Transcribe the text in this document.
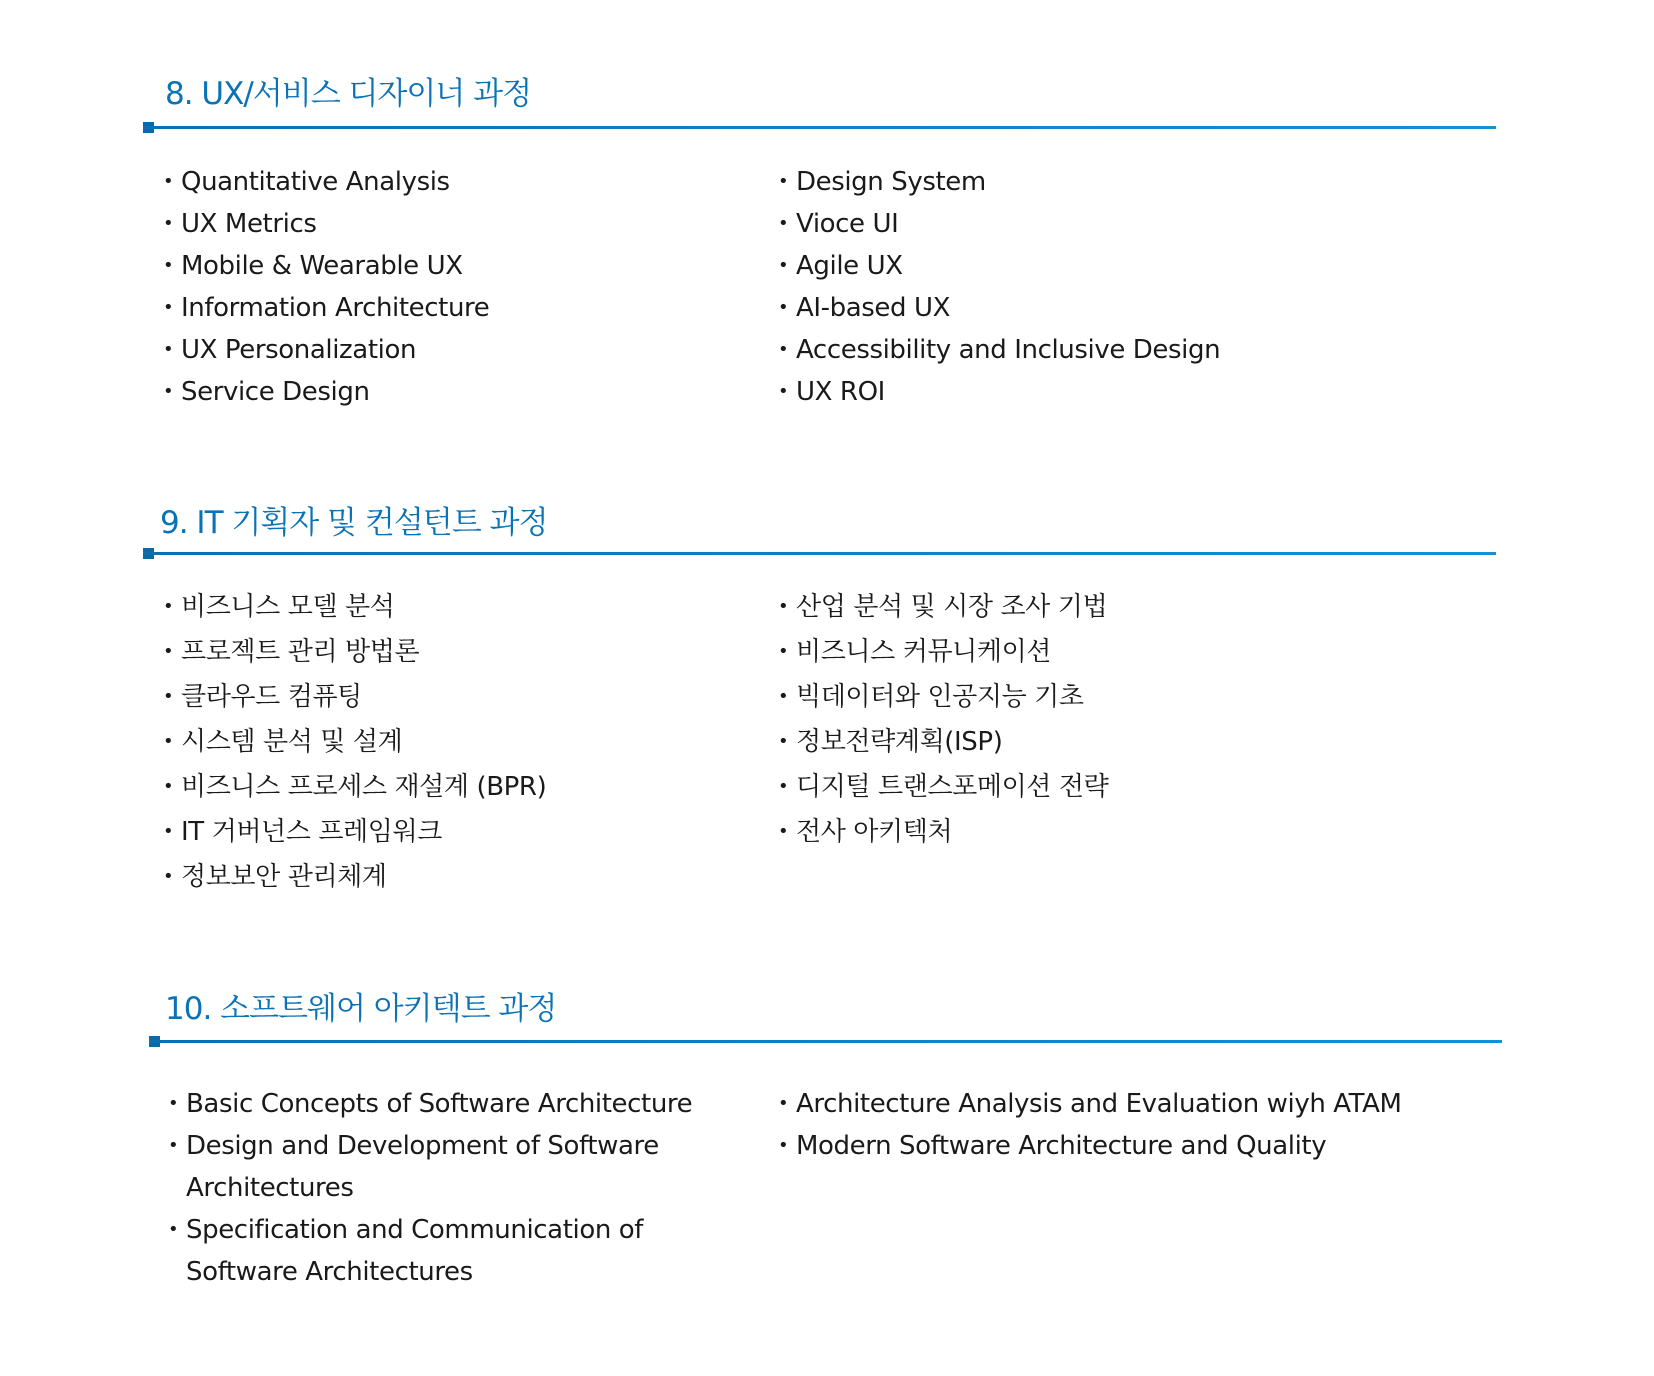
8. UX/서비스 디자이너 과정
• Quantitative Analysis
• UX Metrics
• Mobile & Wearable UX
• Information Architecture
• UX Personalization
• Service Design
• Design System
• Vioce UI
• Agile UX
• AI-based UX
• Accessibility and Inclusive Design
• UX ROI
9. IT 기획자 및 컨설턴트 과정
• 비즈니스 모델 분석
• 프로젝트 관리 방법론
• 클라우드 컴퓨팅
• 시스템 분석 및 설계
• 비즈니스 프로세스 재설계 (BPR)
• IT 거버넌스 프레임워크
• 정보보안 관리체계
• 산업 분석 및 시장 조사 기법
• 비즈니스 커뮤니케이션
• 빅데이터와 인공지능 기초
• 정보전략계획(ISP)
• 디지털 트랜스포메이션 전략
• 전사 아키텍처
10. 소프트웨어 아키텍트 과정
• Basic Concepts of Software Architecture
• Design and Development of Software Architectures
• Specification and Communication of Software Architectures
• Architecture Analysis and Evaluation wiyh ATAM
• Modern Software Architecture and Quality
